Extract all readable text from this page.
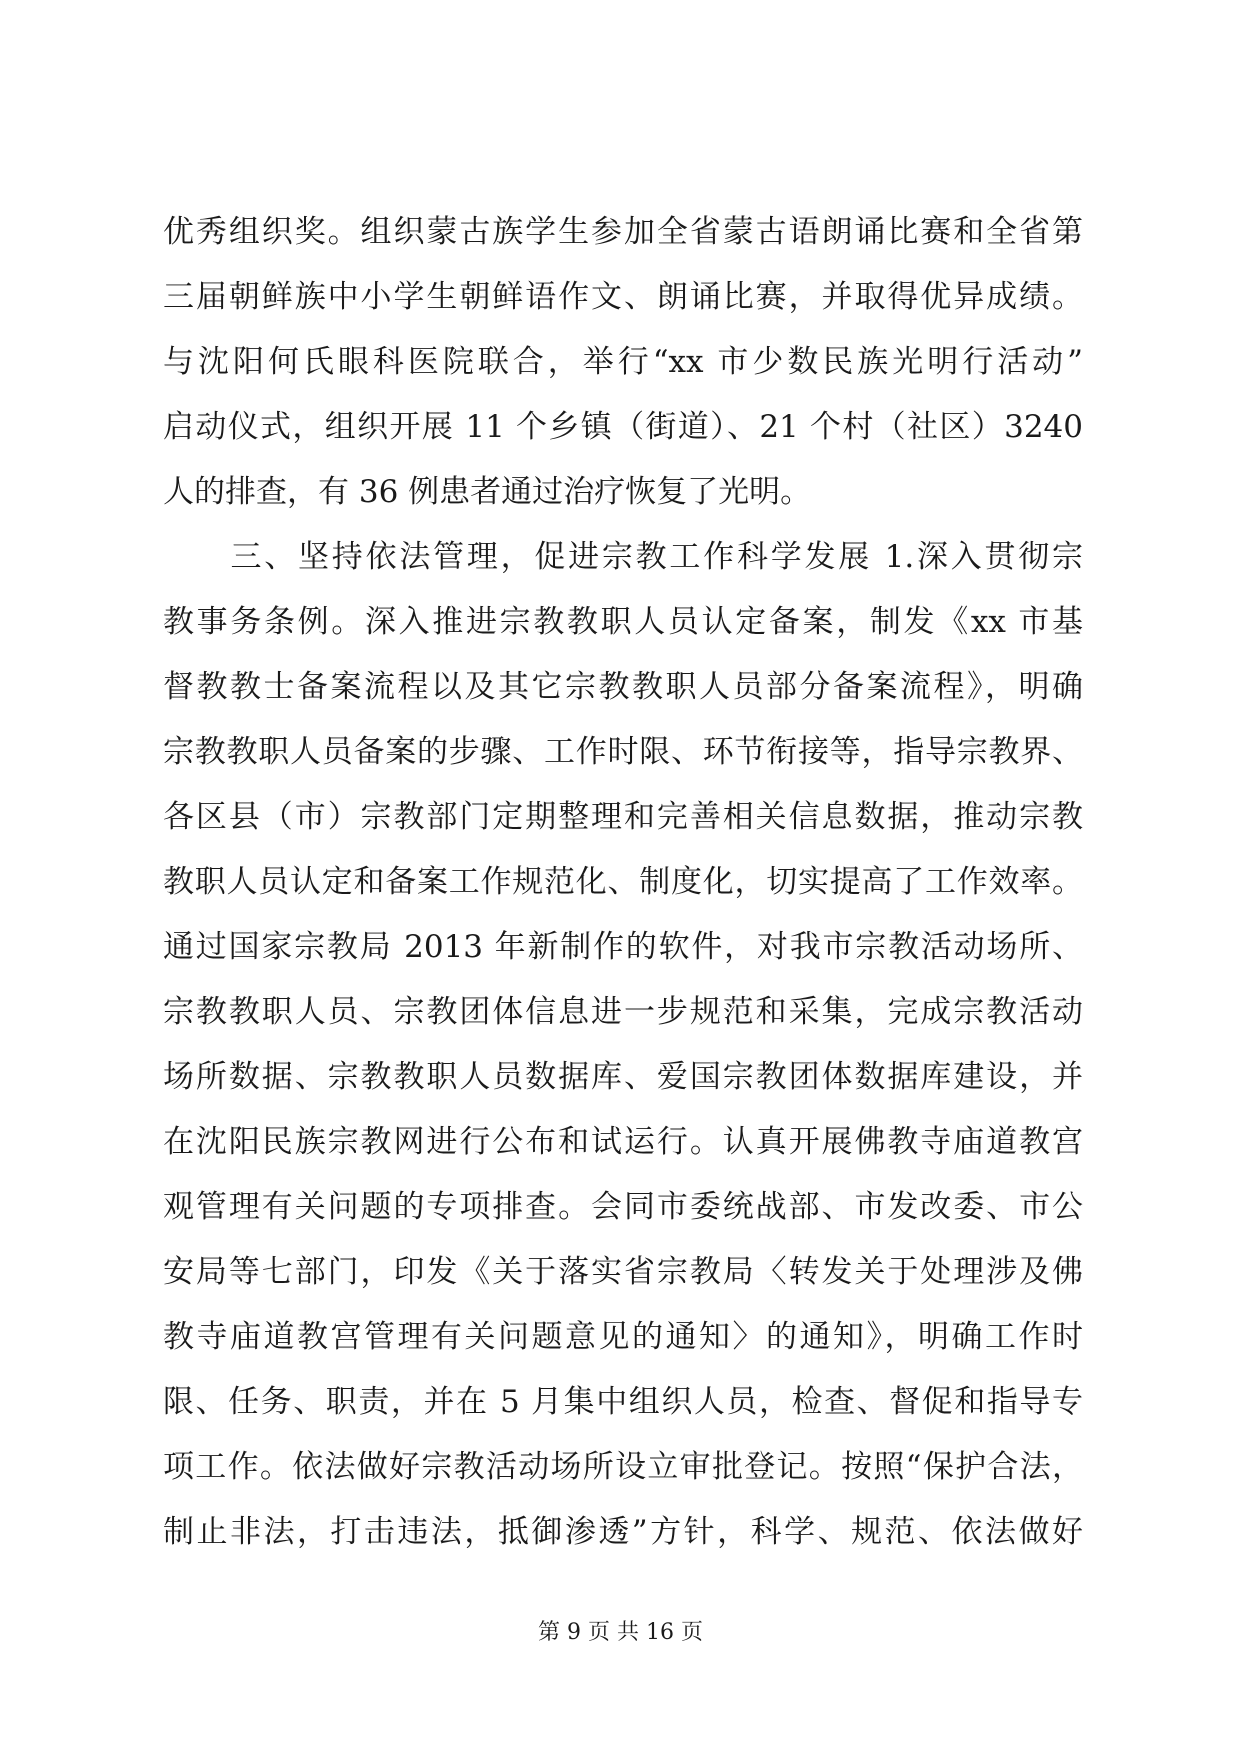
优秀组织奖。组织蒙古族学生参加全省蒙古语朗诵比赛和全省第
三届朝鲜族中小学生朝鲜语作文、朗诵比赛，并取得优异成绩。
与沈阳何氏眼科医院联合，举行“xx 市少数民族光明行活动”
启动仪式，组织开展 11 个乡镇（街道）、21 个村（社区）3240
人的排查，有 36 例患者通过治疗恢复了光明。
　　三、坚持依法管理，促进宗教工作科学发展 1.深入贯彻宗
教事务条例。深入推进宗教教职人员认定备案，制发《xx 市基
督教教士备案流程以及其它宗教教职人员部分备案流程》，明确
宗教教职人员备案的步骤、工作时限、环节衔接等，指导宗教界、
各区县（市）宗教部门定期整理和完善相关信息数据，推动宗教
教职人员认定和备案工作规范化、制度化，切实提高了工作效率。
通过国家宗教局 2013 年新制作的软件，对我市宗教活动场所、
宗教教职人员、宗教团体信息进一步规范和采集，完成宗教活动
场所数据、宗教教职人员数据库、爱国宗教团体数据库建设，并
在沈阳民族宗教网进行公布和试运行。认真开展佛教寺庙道教宫
观管理有关问题的专项排查。会同市委统战部、市发改委、市公
安局等七部门，印发《关于落实省宗教局〈转发关于处理涉及佛
教寺庙道教宫管理有关问题意见的通知〉的通知》，明确工作时
限、任务、职责，并在 5 月集中组织人员，检查、督促和指导专
项工作。依法做好宗教活动场所设立审批登记。按照“保护合法，
制止非法，打击违法，抵御渗透”方针，科学、规范、依法做好
第 9 页 共 16 页
